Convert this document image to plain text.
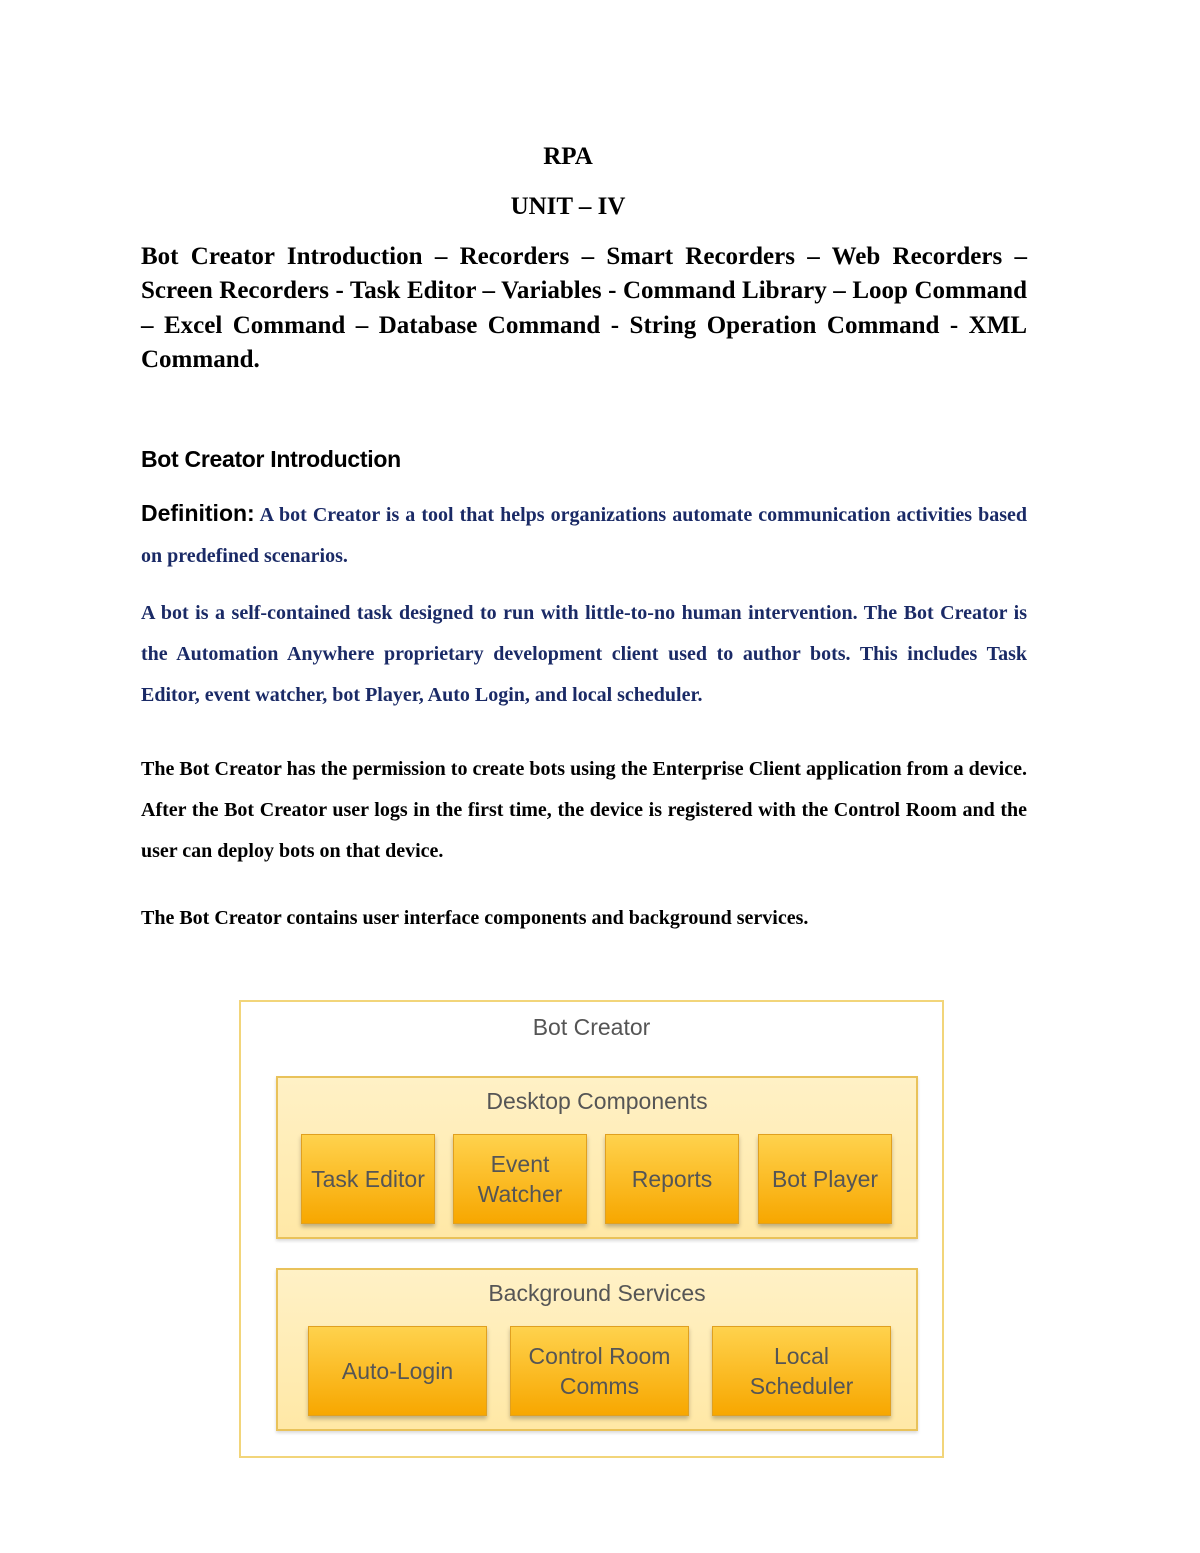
RPA
UNIT – IV

Bot Creator Introduction – Recorders – Smart Recorders – Web Recorders – Screen Recorders - Task Editor – Variables - Command Library – Loop Command – Excel Command – Database Command - String Operation Command - XML Command.

Bot Creator Introduction

Definition: A bot Creator is a tool that helps organizations automate communication activities based on predefined scenarios.

A bot is a self-contained task designed to run with little-to-no human intervention. The Bot Creator is the Automation Anywhere proprietary development client used to author bots. This includes Task Editor, event watcher, bot Player, Auto Login, and local scheduler.

The Bot Creator has the permission to create bots using the Enterprise Client application from a device. After the Bot Creator user logs in the first time, the device is registered with the Control Room and the user can deploy bots on that device.

The Bot Creator contains user interface components and background services.

Bot Creator
Desktop Components
Task Editor
Event
Watcher
Reports	Bot Player
Background Services
Auto-Login
Control Room
Comms
Local
Scheduler
